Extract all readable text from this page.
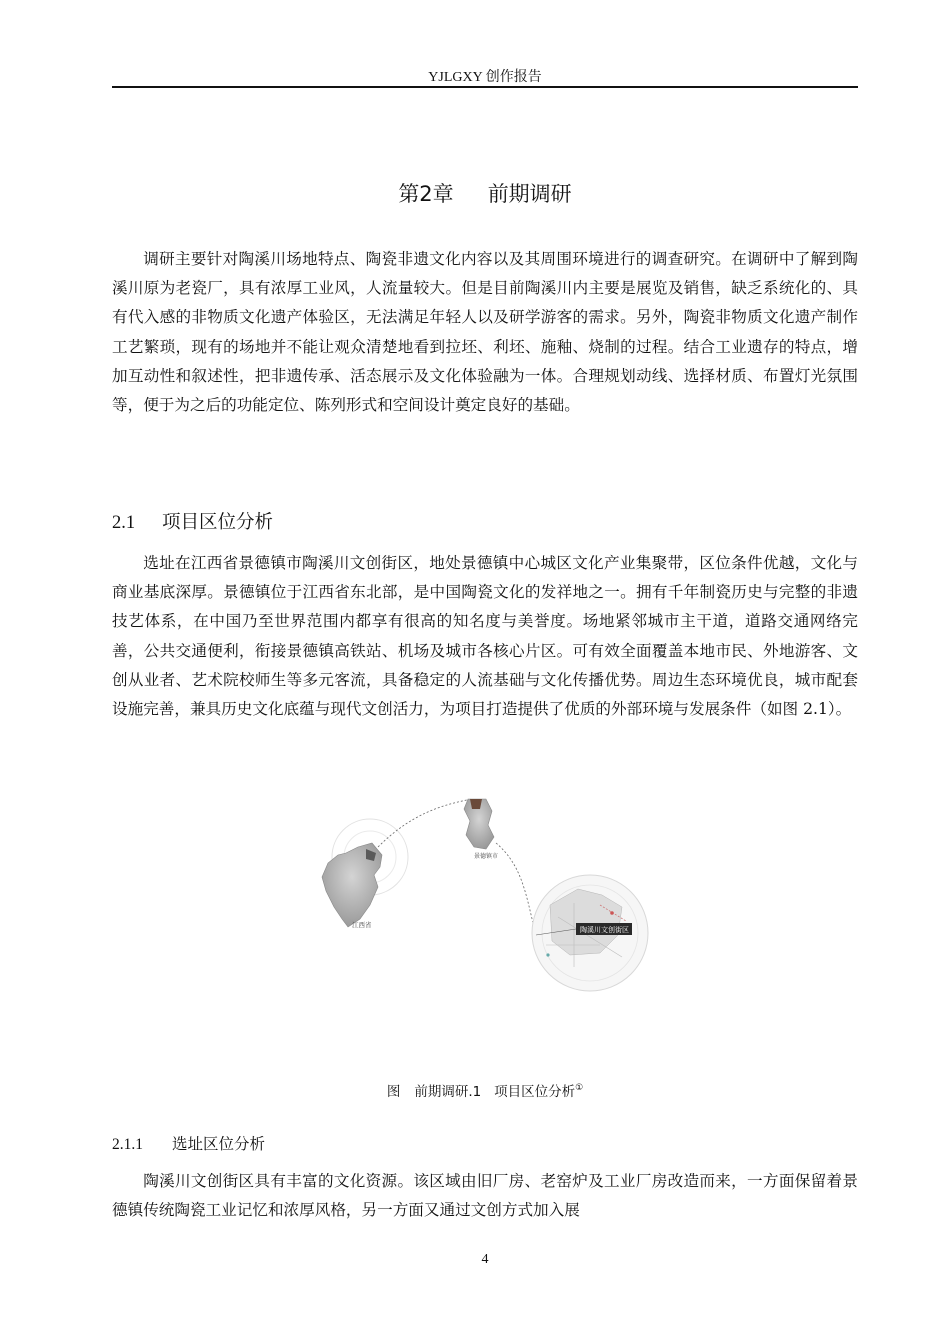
YJLGXY 创作报告
第2章 前期调研

调研主要针对陶溪川场地特点、陶瓷非遗文化内容以及其周围环境进行的调查研究。在调研中了解到陶溪川原为老瓷厂，具有浓厚工业风，人流量较大。但是目前陶溪川内主要是展览及销售，缺乏系统化的、具有代入感的非物质文化遗产体验区，无法满足年轻人以及研学游客的需求。另外，陶瓷非物质文化遗产制作工艺繁琐，现有的场地并不能让观众清楚地看到拉坯、利坯、施釉、烧制的过程。结合工业遗存的特点，增加互动性和叙述性，把非遗传承、活态展示及文化体验融为一体。合理规划动线、选择材质、布置灯光氛围等，便于为之后的功能定位、陈列形式和空间设计奠定良好的基础。

2.1 项目区位分析

选址在江西省景德镇市陶溪川文创街区，地处景德镇中心城区文化产业集聚带，区位条件优越，文化与商业基底深厚。景德镇位于江西省东北部，是中国陶瓷文化的发祥地之一。拥有千年制瓷历史与完整的非遗技艺体系，在中国乃至世界范围内都享有很高的知名度与美誉度。场地紧邻城市主干道，道路交通网络完善，公共交通便利，衔接景德镇高铁站、机场及城市各核心片区。可有效全面覆盖本地市民、外地游客、文创从业者、艺术院校师生等多元客流，具备稳定的人流基础与文化传播优势。周边生态环境优良，城市配套设施完善，兼具历史文化底蕴与现代文创活力，为项目打造提供了优质的外部环境与发展条件（如图 2.1）。

江西省
景德镇市
陶溪川文创街区
图 前期调研.1 项目区位分析①
2.1.1 选址区位分析

陶溪川文创街区具有丰富的文化资源。该区域由旧厂房、老窑炉及工业厂房改造而来，一方面保留着景德镇传统陶瓷工业记忆和浓厚风格，另一方面又通过文创方式加入展

4
